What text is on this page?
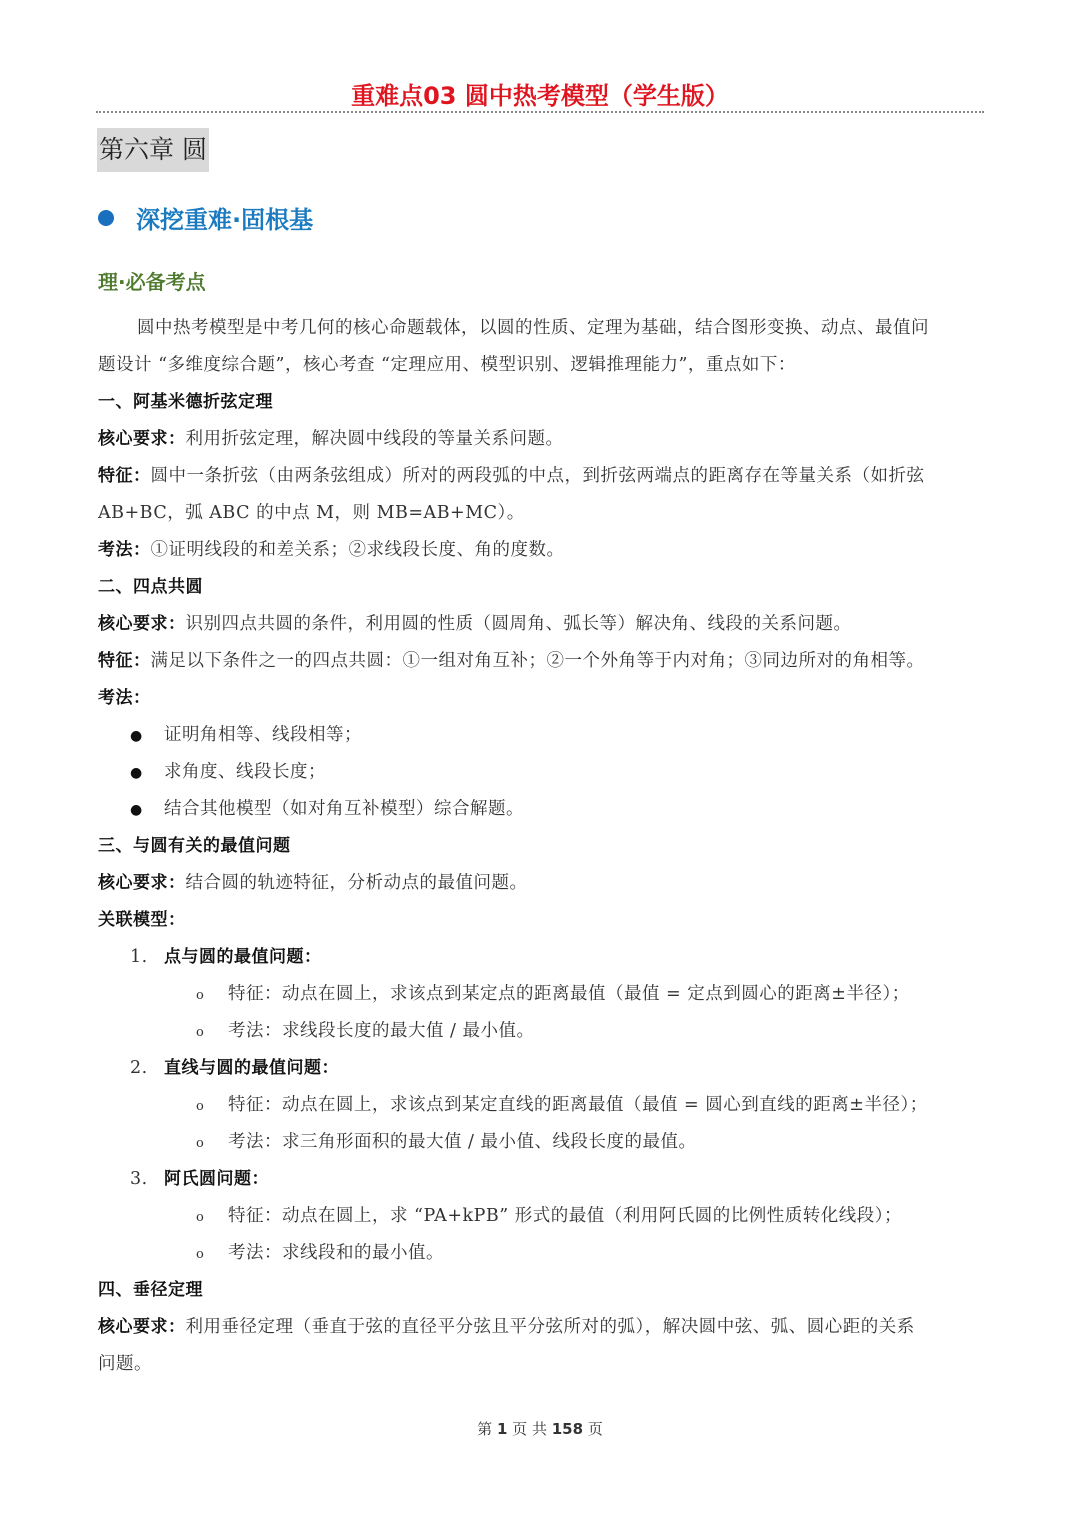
重难点03 圆中热考模型（学生版）
第六章 圆
深挖重难·固根基
理·必备考点
圆中热考模型是中考几何的核心命题载体，以圆的性质、定理为基础，结合图形变换、动点、最值问
题设计 “多维度综合题”，核心考查 “定理应用、模型识别、逻辑推理能力”，重点如下：
一、阿基米德折弦定理
核心要求：利用折弦定理，解决圆中线段的等量关系问题。
特征：圆中一条折弦（由两条弦组成）所对的两段弧的中点，到折弦两端点的距离存在等量关系（如折弦
AB+BC，弧 ABC 的中点 M，则 MB=AB+MC）。
考法：①证明线段的和差关系；②求线段长度、角的度数。
二、四点共圆
核心要求：识别四点共圆的条件，利用圆的性质（圆周角、弧长等）解决角、线段的关系问题。
特征：满足以下条件之一的四点共圆：①一组对角互补；②一个外角等于内对角；③同边所对的角相等。
考法：
● 证明角相等、线段相等；
● 求角度、线段长度；
● 结合其他模型（如对角互补模型）综合解题。
三、与圆有关的最值问题
核心要求：结合圆的轨迹特征，分析动点的最值问题。
关联模型：
1. 点与圆的最值问题：
o 特征：动点在圆上，求该点到某定点的距离最值（最值 = 定点到圆心的距离±半径）；
o 考法：求线段长度的最大值 / 最小值。
2. 直线与圆的最值问题：
o 特征：动点在圆上，求该点到某定直线的距离最值（最值 = 圆心到直线的距离±半径）；
o 考法：求三角形面积的最大值 / 最小值、线段长度的最值。
3. 阿氏圆问题：
o 特征：动点在圆上，求 “PA+kPB” 形式的最值（利用阿氏圆的比例性质转化线段）；
o 考法：求线段和的最小值。
四、垂径定理
核心要求：利用垂径定理（垂直于弦的直径平分弦且平分弦所对的弧），解决圆中弦、弧、圆心距的关系
问题。
第 1 页 共 158 页
